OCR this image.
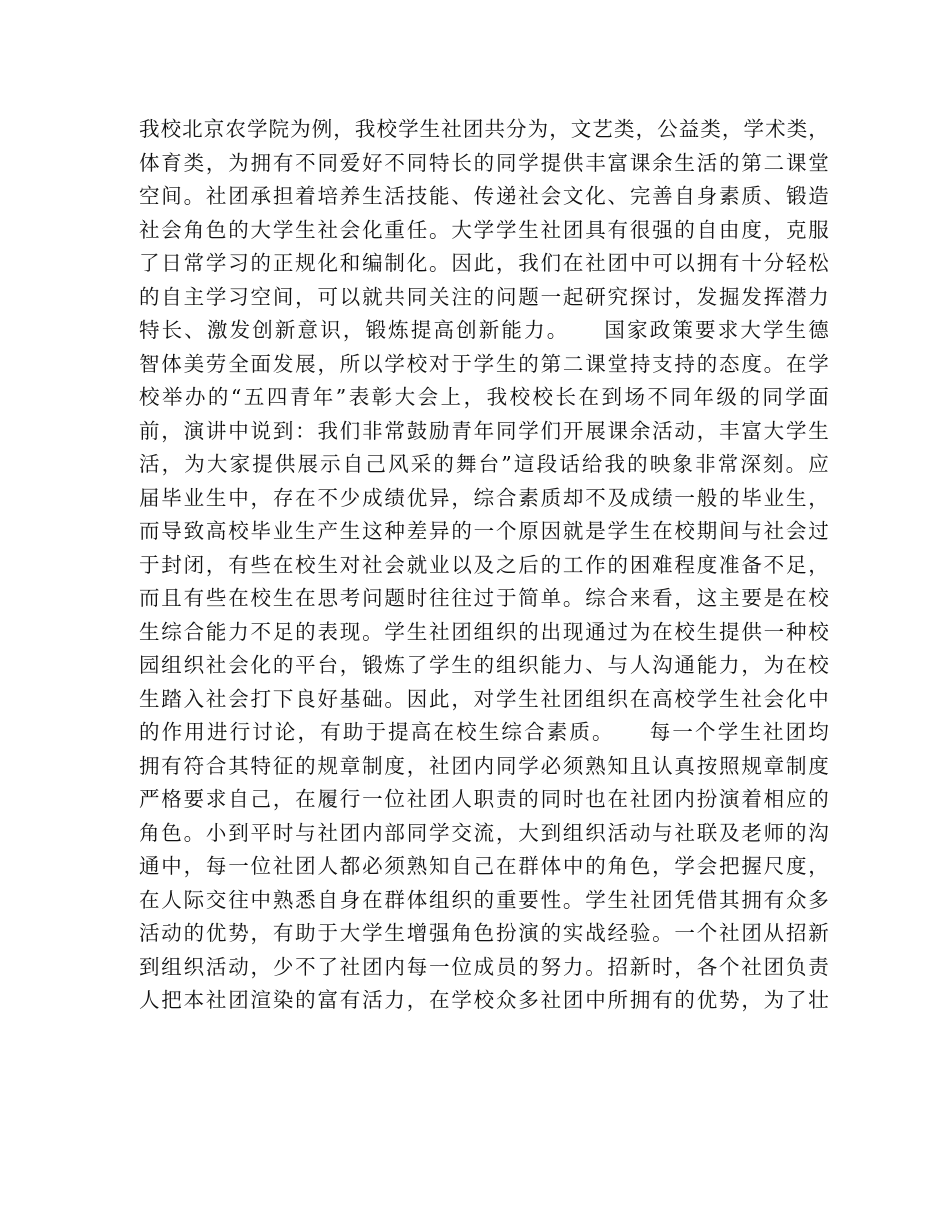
我校北京农学院为例，我校学生社团共分为，文艺类，公益类，学术类，
体育类，为拥有不同爱好不同特长的同学提供丰富课余生活的第二课堂
空间。社团承担着培养生活技能、传递社会文化、完善自身素质、锻造
社会角色的大学生社会化重任。大学学生社团具有很强的自由度，克服
了日常学习的正规化和编制化。因此，我们在社团中可以拥有十分轻松
的自主学习空间，可以就共同关注的问题一起研究探讨，发掘发挥潜力
特长、激发创新意识，锻炼提高创新能力。　　国家政策要求大学生德
智体美劳全面发展，所以学校对于学生的第二课堂持支持的态度。在学
校举办的“五四青年”表彰大会上，我校校长在到场不同年级的同学面
前，演讲中说到：我们非常鼓励青年同学们开展课余活动，丰富大学生
活，为大家提供展示自己风采的舞台”這段话给我的映象非常深刻。应
届毕业生中，存在不少成绩优异，综合素质却不及成绩一般的毕业生，
而导致高校毕业生产生这种差异的一个原因就是学生在校期间与社会过
于封闭，有些在校生对社会就业以及之后的工作的困难程度准备不足，
而且有些在校生在思考问题时往往过于简单。综合来看，这主要是在校
生综合能力不足的表现。学生社团组织的出现通过为在校生提供一种校
园组织社会化的平台，锻炼了学生的组织能力、与人沟通能力，为在校
生踏入社会打下良好基础。因此，对学生社团组织在高校学生社会化中
的作用进行讨论，有助于提高在校生综合素质。　　每一个学生社团均
拥有符合其特征的规章制度，社团内同学必须熟知且认真按照规章制度
严格要求自己，在履行一位社团人职责的同时也在社团内扮演着相应的
角色。小到平时与社团内部同学交流，大到组织活动与社联及老师的沟
通中，每一位社团人都必须熟知自己在群体中的角色，学会把握尺度，
在人际交往中熟悉自身在群体组织的重要性。学生社团凭借其拥有众多
活动的优势，有助于大学生增强角色扮演的实战经验。一个社团从招新
到组织活动，少不了社团内每一位成员的努力。招新时，各个社团负责
人把本社团渲染的富有活力，在学校众多社团中所拥有的优势，为了壮
